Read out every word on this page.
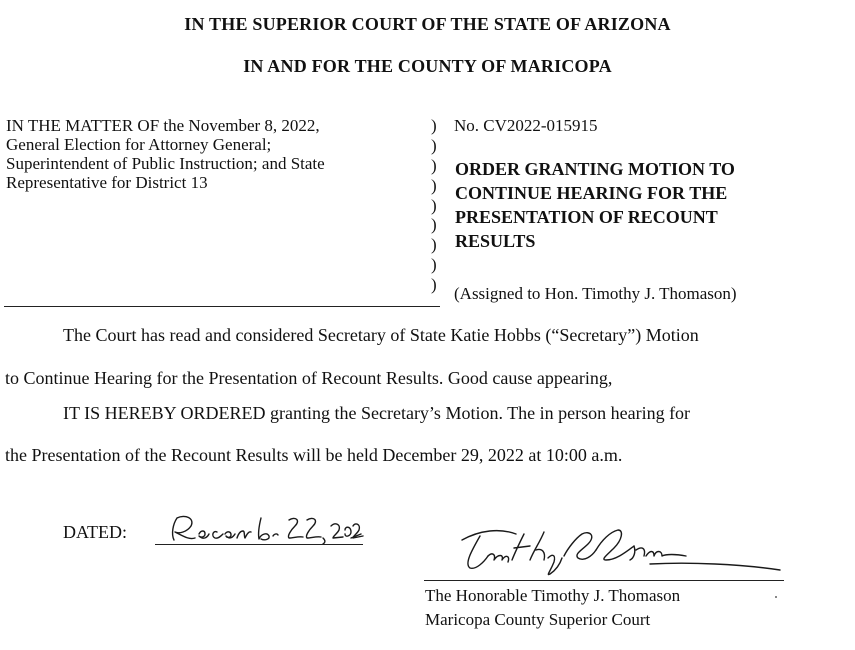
IN THE SUPERIOR COURT OF THE STATE OF ARIZONA
IN AND FOR THE COUNTY OF MARICOPA
IN THE MATTER OF the November 8, 2022,
General Election for Attorney General;
Superintendent of Public Instruction; and State
Representative for District 13
)
)
)
)
)
)
)
)
)
No. CV2022-015915
ORDER GRANTING MOTION TO
CONTINUE HEARING FOR THE
PRESENTATION OF RECOUNT
RESULTS
(Assigned to Hon. Timothy J. Thomason)
The Court has read and considered Secretary of State Katie Hobbs (“Secretary”) Motion
to Continue Hearing for the Presentation of Recount Results. Good cause appearing,
IT IS HEREBY ORDERED granting the Secretary’s Motion. The in person hearing for
the Presentation of the Recount Results will be held December 29, 2022 at 10:00 a.m.
DATED:
The Honorable Timothy J. Thomason
Maricopa County Superior Court
